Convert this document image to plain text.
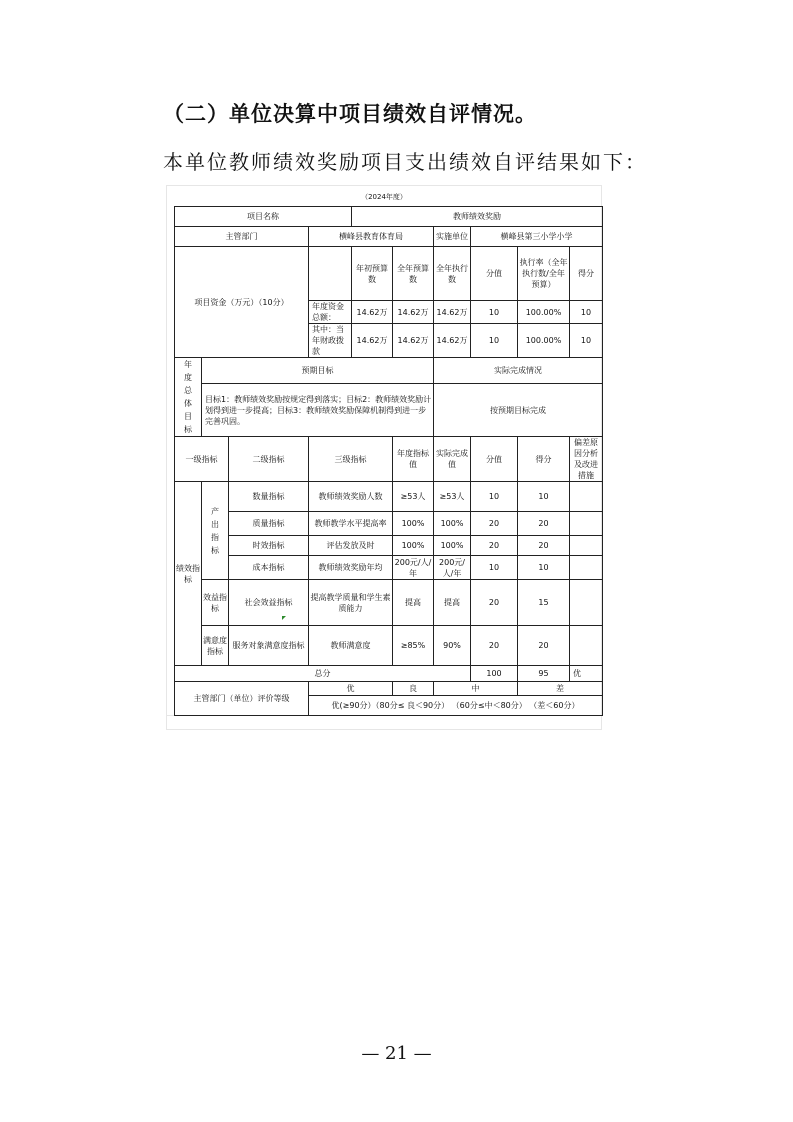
（二）单位决算中项目绩效自评情况。
本单位教师绩效奖励项目支出绩效自评结果如下：
（2024年度）
项目名称				教师绩效奖励					
主管部门			横峰县教育体育局			实施单位	横峰县第三小学小学		
项目资金（万元）（10分）				年初预算数	全年预算数	全年执行数	分值	执行率（全年执行数/全年预算）	得分
			年度资金总额：	14.62万	14.62万	14.62万	10	100.00%	10
			其中：当年财政拨款	14.62万	14.62万	14.62万	10	100.00%	10
年度总体目标	预期目标					实际完成情况			
	目标1：教师绩效奖励按规定得到落实；目标2：教师绩效奖励计划得到进一步提高；目标3：教师绩效奖励保障机制得到进一步完善巩固。					按预期目标完成			
一级指标		二级指标	三级指标		年度指标值	实际完成值	分值	得分	偏差原因分析及改进措施
绩效指标	产出指标	数量指标	教师绩效奖励人数		≥53人	≥53人	10	10	
		质量指标	教师教学水平提高率		100%	100%	20	20	
		时效指标	评估发放及时		100%	100%	20	20	
		成本指标	教师绩效奖励年均		200元/人/年	200元/人/年	10	10	
	效益指标	社会效益指标	提高教学质量和学生素质能力		提高	提高	20	15	
	满意度指标	服务对象满意度指标	教师满意度		≥85%	90%	20	20	
总分							100	95	优
主管部门（单位）评价等级			优		良	中		差	
			优(≥90分）（80分≤ 良＜90分） （60分≤中＜80分） （差＜60分）						
— 21 —
